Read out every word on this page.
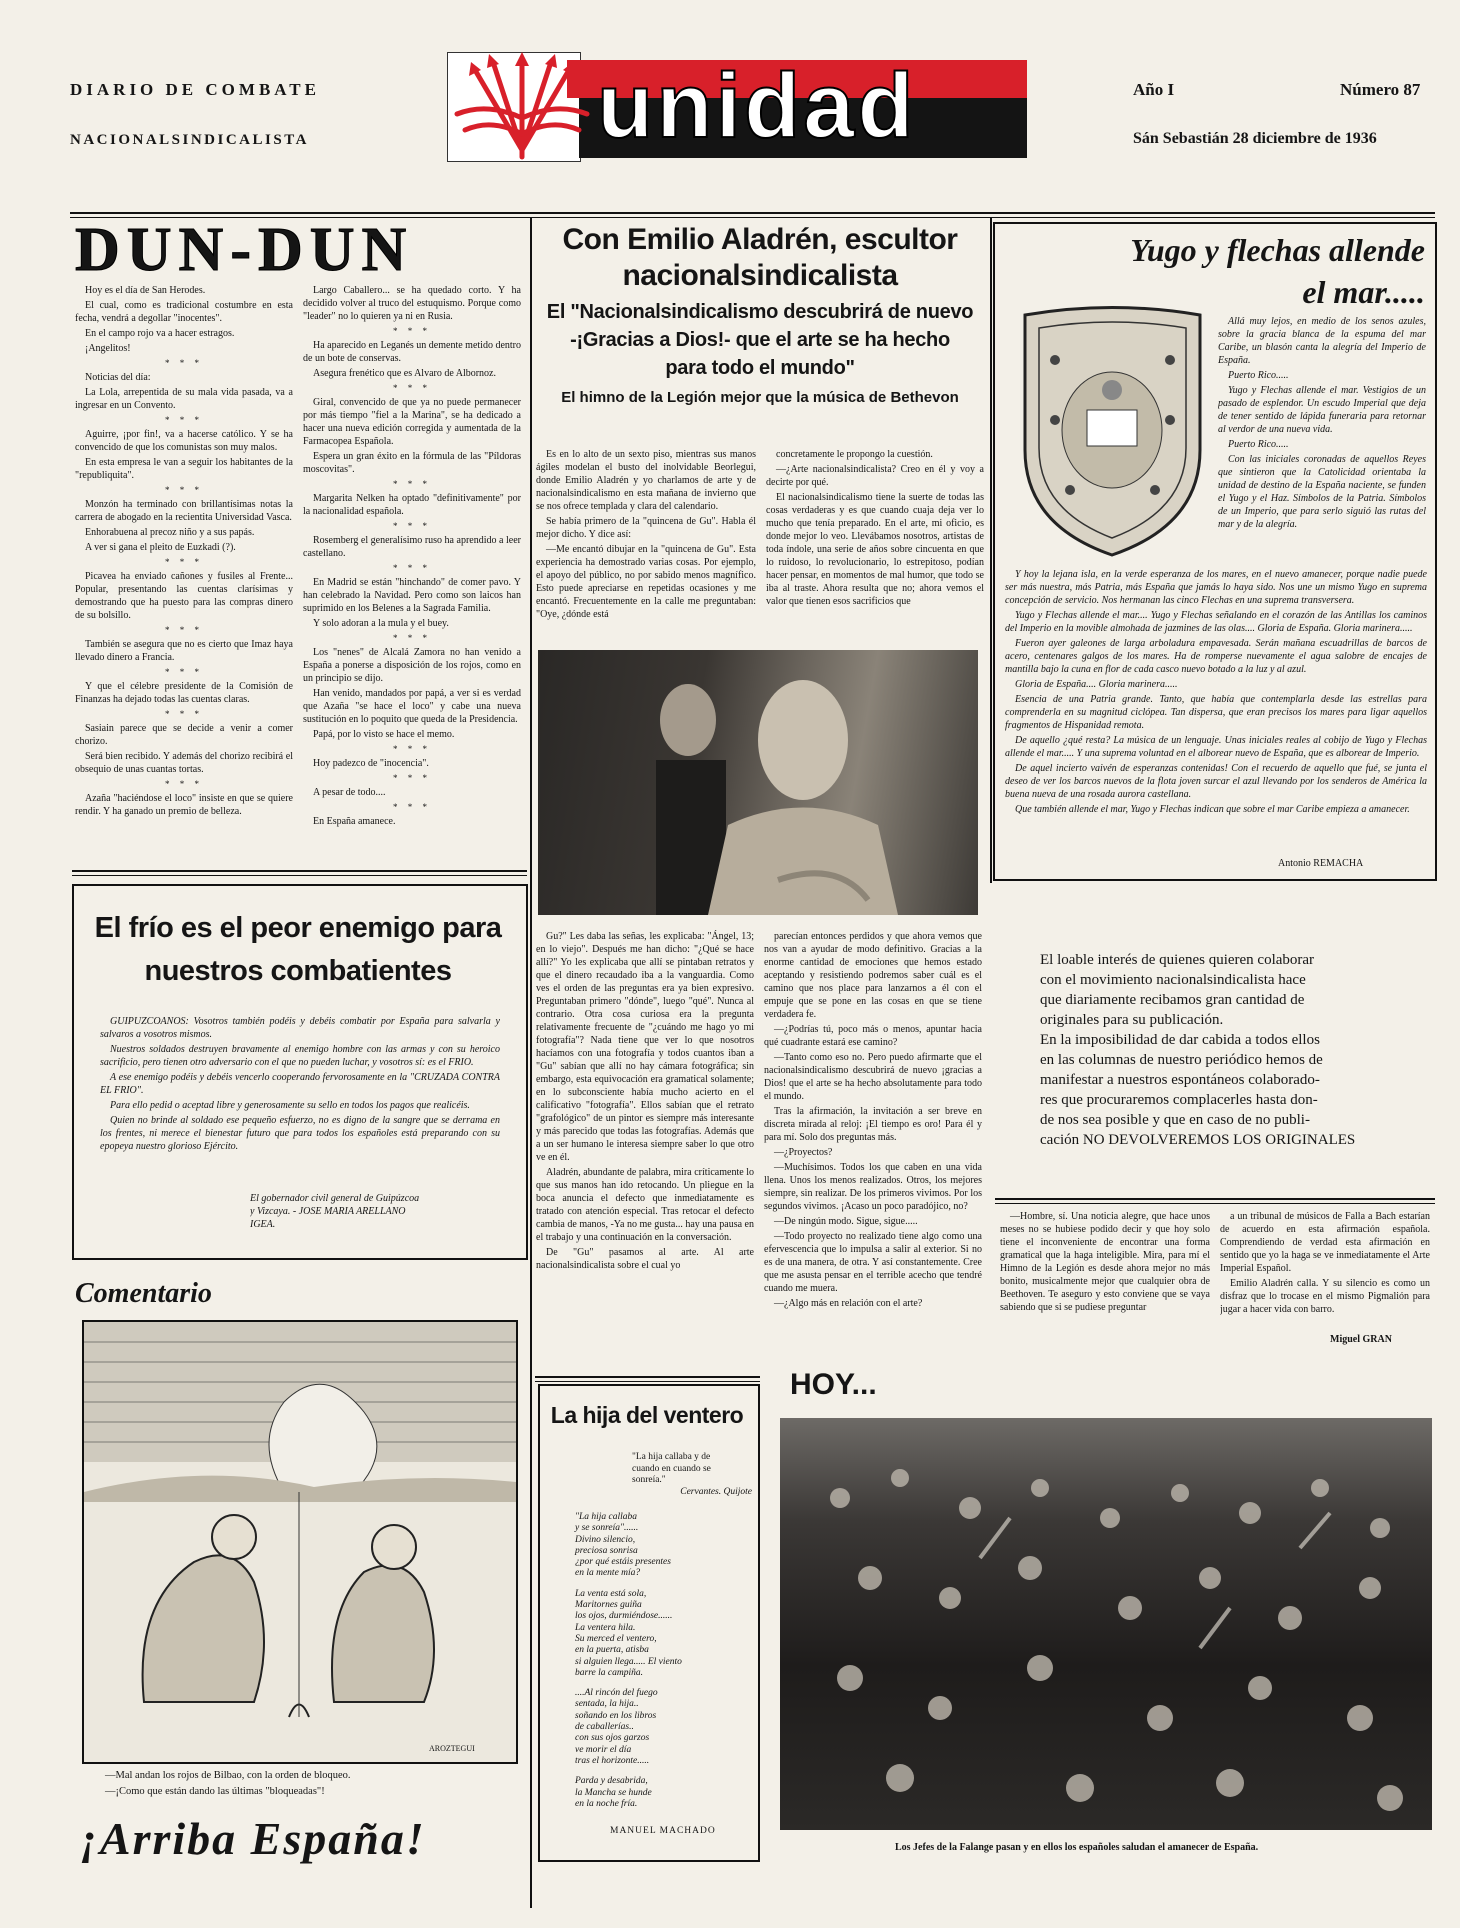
DIARIO DE COMBATE
NACIONALSINDICALISTA	unidad	Año I	Número 87
Sán Sebastián 28 diciembre de 1936
DUN-DUN

Hoy es el día de San Herodes.

El cual, como es tradicional costumbre en esta fecha, vendrá a degollar "inocentes".

En el campo rojo va a hacer estragos.

¡Angelitos!

* * *

Noticias del día:

La Lola, arrepentida de su mala vida pasada, va a ingresar en un Convento.

* * *

Aguirre, ¡por fin!, va a hacerse católico. Y se ha convencido de que los comunistas son muy malos.

En esta empresa le van a seguir los habitantes de la "republiquita".

* * *

Monzón ha terminado con brillantísimas notas la carrera de abogado en la recientita Universidad Vasca.

Enhorabuena al precoz niño y a sus papás.

A ver si gana el pleito de Euzkadi (?).

* * *

Picavea ha enviado cañones y fusiles al Frente... Popular, presentando las cuentas clarísimas y demostrando que ha puesto para las compras dinero de su bolsillo.

* * *

También se asegura que no es cierto que Imaz haya llevado dinero a Francia.

* * *

Y que el célebre presidente de la Comisión de Finanzas ha dejado todas las cuentas claras.

* * *

Sasiain parece que se decide a venir a comer chorizo.

Será bien recibido. Y además del chorizo recibirá el obsequio de unas cuantas tortas.

* * *

Azaña "haciéndose el loco" insiste en que se quiere rendir. Y ha ganado un premio de belleza.

Largo Caballero... se ha quedado corto. Y ha decidido volver al truco del estuquismo. Porque como "leader" no lo quieren ya ni en Rusia.

* * *

Ha aparecido en Leganés un demente metido dentro de un bote de conservas.

Asegura frenético que es Alvaro de Albornoz.

* * *

Giral, convencido de que ya no puede permanecer por más tiempo "fiel a la Marina", se ha dedicado a hacer una nueva edición corregida y aumentada de la Farmacopea Española.

Espera un gran éxito en la fórmula de las "Píldoras moscovitas".

* * *

Margarita Nelken ha optado "definitivamente" por la nacionalidad española.

* * *

Rosemberg el generalísimo ruso ha aprendido a leer castellano.

* * *

En Madrid se están "hinchando" de comer pavo. Y han celebrado la Navidad. Pero como son laicos han suprimido en los Belenes a la Sagrada Familia.

Y solo adoran a la mula y el buey.

* * *

Los "nenes" de Alcalá Zamora no han venido a España a ponerse a disposición de los rojos, como en un principio se dijo.

Han venido, mandados por papá, a ver si es verdad que Azaña "se hace el loco" y cabe una nueva sustitución en lo poquito que queda de la Presidencia.

Papá, por lo visto se hace el memo.

* * *

Hoy padezco de "inocencia".

* * *

A pesar de todo....

* * *

En España amanece.

Con Emilio Aladrén, escultor
nacionalsindicalista
El "Nacionalsindicalismo descubrirá de nuevo
-¡Gracias a Dios!- que el arte se ha hecho
para todo el mundo"
El himno de la Legión mejor que la música de Bethevon

Es en lo alto de un sexto piso, mientras sus manos ágiles modelan el busto del inolvidable Beorlegui, donde Emilio Aladrén y yo charlamos de arte y de nacionalsindicalismo en esta mañana de invierno que se nos ofrece templada y clara del calendario.

Se había primero de la "quincena de Gu". Habla él mejor dicho. Y dice así:

—Me encantó dibujar en la "quincena de Gu". Esta experiencia ha demostrado varias cosas. Por ejemplo, el apoyo del público, no por sabido menos magnífico. Esto puede apreciarse en repetidas ocasiones y me encantó. Frecuentemente en la calle me preguntaban: "Oye, ¿dónde está

concretamente le propongo la cuestión.

—¿Arte nacionalsindicalista? Creo en él y voy a decirte por qué.

El nacionalsindicalismo tiene la suerte de todas las cosas verdaderas y es que cuando cuaja deja ver lo mucho que tenía preparado. En el arte, mi oficio, es donde mejor lo veo. Llevábamos nosotros, artistas de toda índole, una serie de años sobre cincuenta en que lo ruidoso, lo revolucionario, lo estrepitoso, podían hacer pensar, en momentos de mal humor, que todo se iba al traste. Ahora resulta que no; ahora vemos el valor que tienen esos sacrificios que

Gu?" Les daba las señas, les explicaba: "Ángel, 13; en lo viejo". Después me han dicho: "¿Qué se hace allí?" Yo les explicaba que allí se pintaban retratos y que el dinero recaudado iba a la vanguardia. Como ves el orden de las preguntas era ya bien expresivo. Preguntaban primero "dónde", luego "qué". Nunca al contrario. Otra cosa curiosa era la pregunta relativamente frecuente de "¿cuándo me hago yo mi fotografía"? Nada tiene que ver lo que nosotros hacíamos con una fotografía y todos cuantos iban a "Gu" sabían que allí no hay cámara fotográfica; sin embargo, esta equivocación era gramatical solamente; en lo subconsciente había mucho acierto en el calificativo "fotografía". Ellos sabían que el retrato "grafológico" de un pintor es siempre más interesante y más parecido que todas las fotografías. Además que a un ser humano le interesa siempre saber lo que otro ve en él.

Aladrén, abundante de palabra, mira críticamente lo que sus manos han ido retocando. Un pliegue en la boca anuncia el defecto que inmediatamente es tratado con atención especial. Tras retocar el defecto cambia de manos, -Ya no me gusta... hay una pausa en el trabajo y una continuación en la conversación.

De "Gu" pasamos al arte. Al arte nacionalsindicalista sobre el cual yo

parecían entonces perdidos y que ahora vemos que nos van a ayudar de modo definitivo. Gracias a la enorme cantidad de emociones que hemos estado aceptando y resistiendo podremos saber cuál es el camino que nos place para lanzarnos a él con el empuje que se pone en las cosas en que se tiene verdadera fe.

—¿Podrías tú, poco más o menos, apuntar hacia qué cuadrante estará ese camino?

—Tanto como eso no. Pero puedo afirmarte que el nacionalsindicalismo descubrirá de nuevo ¡gracias a Dios! que el arte se ha hecho absolutamente para todo el mundo.

Tras la afirmación, la invitación a ser breve en discreta mirada al reloj: ¡El tiempo es oro! Para él y para mí. Solo dos preguntas más.

—¿Proyectos?

—Muchísimos. Todos los que caben en una vida llena. Unos los menos realizados. Otros, los mejores siempre, sin realizar. De los primeros vivimos. Por los segundos vivimos. ¡Acaso un poco paradójico, no?

—De ningún modo. Sigue, sigue.....

—Todo proyecto no realizado tiene algo como una efervescencia que lo impulsa a salir al exterior. Si no es de una manera, de otra. Y así constantemente. Cree que me asusta pensar en el terrible acecho que tendré cuando me muera.

—¿Algo más en relación con el arte?

—Hombre, sí. Una noticia alegre, que hace unos meses no se hubiese podido decir y que hoy solo tiene el inconveniente de encontrar una forma gramatical que la haga inteligible. Mira, para mí el Himno de la Legión es desde ahora mejor no más bonito, musicalmente mejor que cualquier obra de Beethoven. Te aseguro y esto conviene que se vaya sabiendo que si se pudiese preguntar

a un tribunal de músicos de Falla a Bach estarían de acuerdo en esta afirmación española. Comprendiendo de verdad esta afirmación en sentido que yo la haga se ve inmediatamente el Arte Imperial Español.

Emilio Aladrén calla. Y su silencio es como un disfraz que lo trocase en el mismo Pigmalión para jugar a hacer vida con barro.

Miguel GRAN
Yugo y flechas allende
el mar.....

Allá muy lejos, en medio de los senos azules, sobre la gracia blanca de la espuma del mar Caribe, un blasón canta la alegría del Imperio de España.

Puerto Rico.....

Yugo y Flechas allende el mar. Vestigios de un pasado de esplendor. Un escudo Imperial que deja de tener sentido de lápida funeraria para retornar al verdor de una nueva vida.

Puerto Rico.....

Con las iniciales coronadas de aquellos Reyes que sintieron que la Catolicidad orientaba la unidad de destino de la España naciente, se funden el Yugo y el Haz. Símbolos de la Patria. Símbolos de un Imperio, que para serlo siguió las rutas del mar y de la alegría.

Y hoy la lejana isla, en la verde esperanza de los mares, en el nuevo amanecer, porque nadie puede ser más nuestra, más Patria, más España que jamás lo haya sido. Nos une un mismo Yugo en suprema concepción de servicio. Nos hermanan las cinco Flechas en una suprema transversera.

Yugo y Flechas allende el mar.... Yugo y Flechas señalando en el corazón de las Antillas los caminos del Imperio en la movible almohada de jazmines de las olas.... Gloria de España. Gloria marinera.....

Fueron ayer galeones de larga arboladura empavesada. Serán mañana escuadrillas de barcos de acero, centenares galgos de los mares. Ha de romperse nuevamente el agua salobre de encajes de mantilla bajo la cuna en flor de cada casco nuevo botado a la luz y al azul.

Gloria de España.... Gloria marinera.....

Esencia de una Patria grande. Tanto, que había que contemplarla desde las estrellas para comprenderla en su magnitud ciclópea. Tan dispersa, que eran precisos los mares para ligar aquellos fragmentos de Hispanidad remota.

De aquello ¿qué resta? La música de un lenguaje. Unas iniciales reales al cobijo de Yugo y Flechas allende el mar..... Y una suprema voluntad en el alborear nuevo de España, que es alborear de Imperio.

De aquel incierto vaivén de esperanzas contenidas! Con el recuerdo de aquello que fué, se junta el deseo de ver los barcos nuevos de la flota joven surcar el azul llevando por los senderos de América la buena nueva de una rosada aurora castellana.

Que también allende el mar, Yugo y Flechas indican que sobre el mar Caribe empieza a amanecer.

Antonio REMACHA
El frío es el peor enemigo para
nuestros combatientes

GUIPUZCOANOS: Vosotros también podéis y debéis combatir por España para salvarla y salvaros a vosotros mismos.

Nuestros soldados destruyen bravamente al enemigo hombre con las armas y con su heroico sacrificio, pero tienen otro adversario con el que no pueden luchar, y vosotros sí: es el FRIO.

A ese enemigo podéis y debéis vencerlo cooperando fervorosamente en la "CRUZADA CONTRA EL FRIO".

Para ello pedid o aceptad libre y generosamente su sello en todos los pagos que realicéis.

Quien no brinde al soldado ese pequeño esfuerzo, no es digno de la sangre que se derrama en los frentes, ni merece el bienestar futuro que para todos los españoles está preparando con su epopeya nuestro glorioso Ejército.

El gobernador civil general de Guipúzcoa
y Vizcaya. - JOSE MARIA ARELLANO
IGEA.
El loable interés de quienes quieren colaborar
con el movimiento nacionalsindicalista hace
que diariamente recibamos gran cantidad de
originales para su publicación.
En la imposibilidad de dar cabida a todos ellos
en las columnas de nuestro periódico hemos de
manifestar a nuestros espontáneos colaborado-
res que procuraremos complacerles hasta don-
de nos sea posible y que en caso de no publi-
cación NO DEVOLVEREMOS LOS ORIGINALES
Comentario
AROZTEGUI
—Mal andan los rojos de Bilbao, con la orden de bloqueo.
—¡Como que están dando las últimas "bloqueadas"!
La hija del ventero
"La hija callaba y de
cuando en cuando se
sonreía."
Cervantes. Quijote
"La hija callaba
y se sonreía"......
Divino silencio,
preciosa sonrisa
¿por qué estáis presentes
en la mente mía?
La venta está sola,
Maritornes guiña
los ojos, durmiéndose......
La ventera hila.
Su merced el ventero,
en la puerta, atisba
si alguien llega..... El viento
barre la campiña.
....Al rincón del fuego
sentada, la hija..
soñando en los libros
de caballerías..
con sus ojos garzos
ve morir el día
tras el horizonte.....
Parda y desabrida,
la Mancha se hunde
en la noche fría.
MANUEL MACHADO
HOY...
Los Jefes de la Falange pasan y en ellos los españoles saludan el amanecer de España.
¡Arriba España!
